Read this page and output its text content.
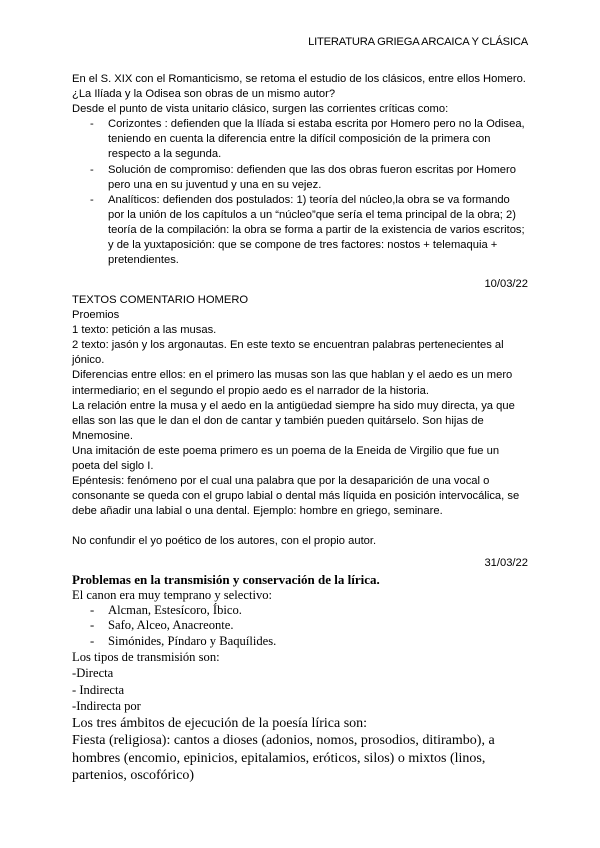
LITERATURA GRIEGA ARCAICA Y CLÁSICA

En el S. XIX con el Romanticismo, se retoma el estudio de los clásicos, entre ellos Homero.

¿La Ilíada y la Odisea son obras de un mismo autor?

Desde el punto de vista unitario clásico, surgen las corrientes críticas como:

- Corizontes : defienden que la Ilíada si estaba escrita por Homero pero no la Odisea, teniendo en cuenta la diferencia entre la difícil composición de la primera con respecto a la segunda.
- Solución de compromiso: defienden que las dos obras fueron escritas por Homero pero una en su juventud y una en su vejez.
- Analíticos: defienden dos postulados: 1) teoría del núcleo,la obra se va formando por la unión de los capítulos a un “núcleo”que sería el tema principal de la obra; 2) teoría de la compilación: la obra se forma a partir de la existencia de varios escritos; y de la yuxtaposición: que se compone de tres factores: nostos + telemaquia + pretendientes.
10/03/22

TEXTOS COMENTARIO HOMERO

Proemios

1 texto: petición a las musas.

2 texto: jasón y los argonautas. En este texto se encuentran palabras pertenecientes al jónico.

Diferencias entre ellos: en el primero las musas son las que hablan y el aedo es un mero intermediario; en el segundo el propio aedo es el narrador de la historia.

La relación entre la musa y el aedo en la antigüedad siempre ha sido muy directa, ya que ellas son las que le dan el don de cantar y también pueden quitárselo. Son hijas de Mnemosine.

Una imitación de este poema primero es un poema de la Eneida de Virgilio que fue un poeta del siglo I.

Epéntesis: fenómeno por el cual una palabra que por la desaparición de una vocal o consonante se queda con el grupo labial o dental más líquida en posición intervocálica, se debe añadir una labial o una dental. Ejemplo: hombre en griego, seminare.

No confundir el yo poético de los autores, con el propio autor.

31/03/22

Problemas en la transmisión y conservación de la lírica.

El canon era muy temprano y selectivo:

- Alcman, Estesícoro, Íbico.
- Safo, Alceo, Anacreonte.
- Simónides, Píndaro y Baquílides.

Los tipos de transmisión son:

-Directa

- Indirecta

-Indirecta por

Los tres ámbitos de ejecución de la poesía lírica son:

Fiesta (religiosa): cantos a dioses (adonios, nomos, prosodios, ditirambo), a hombres (encomio, epinicios, epitalamios, eróticos, silos) o mixtos (linos, partenios, oscofórico)
